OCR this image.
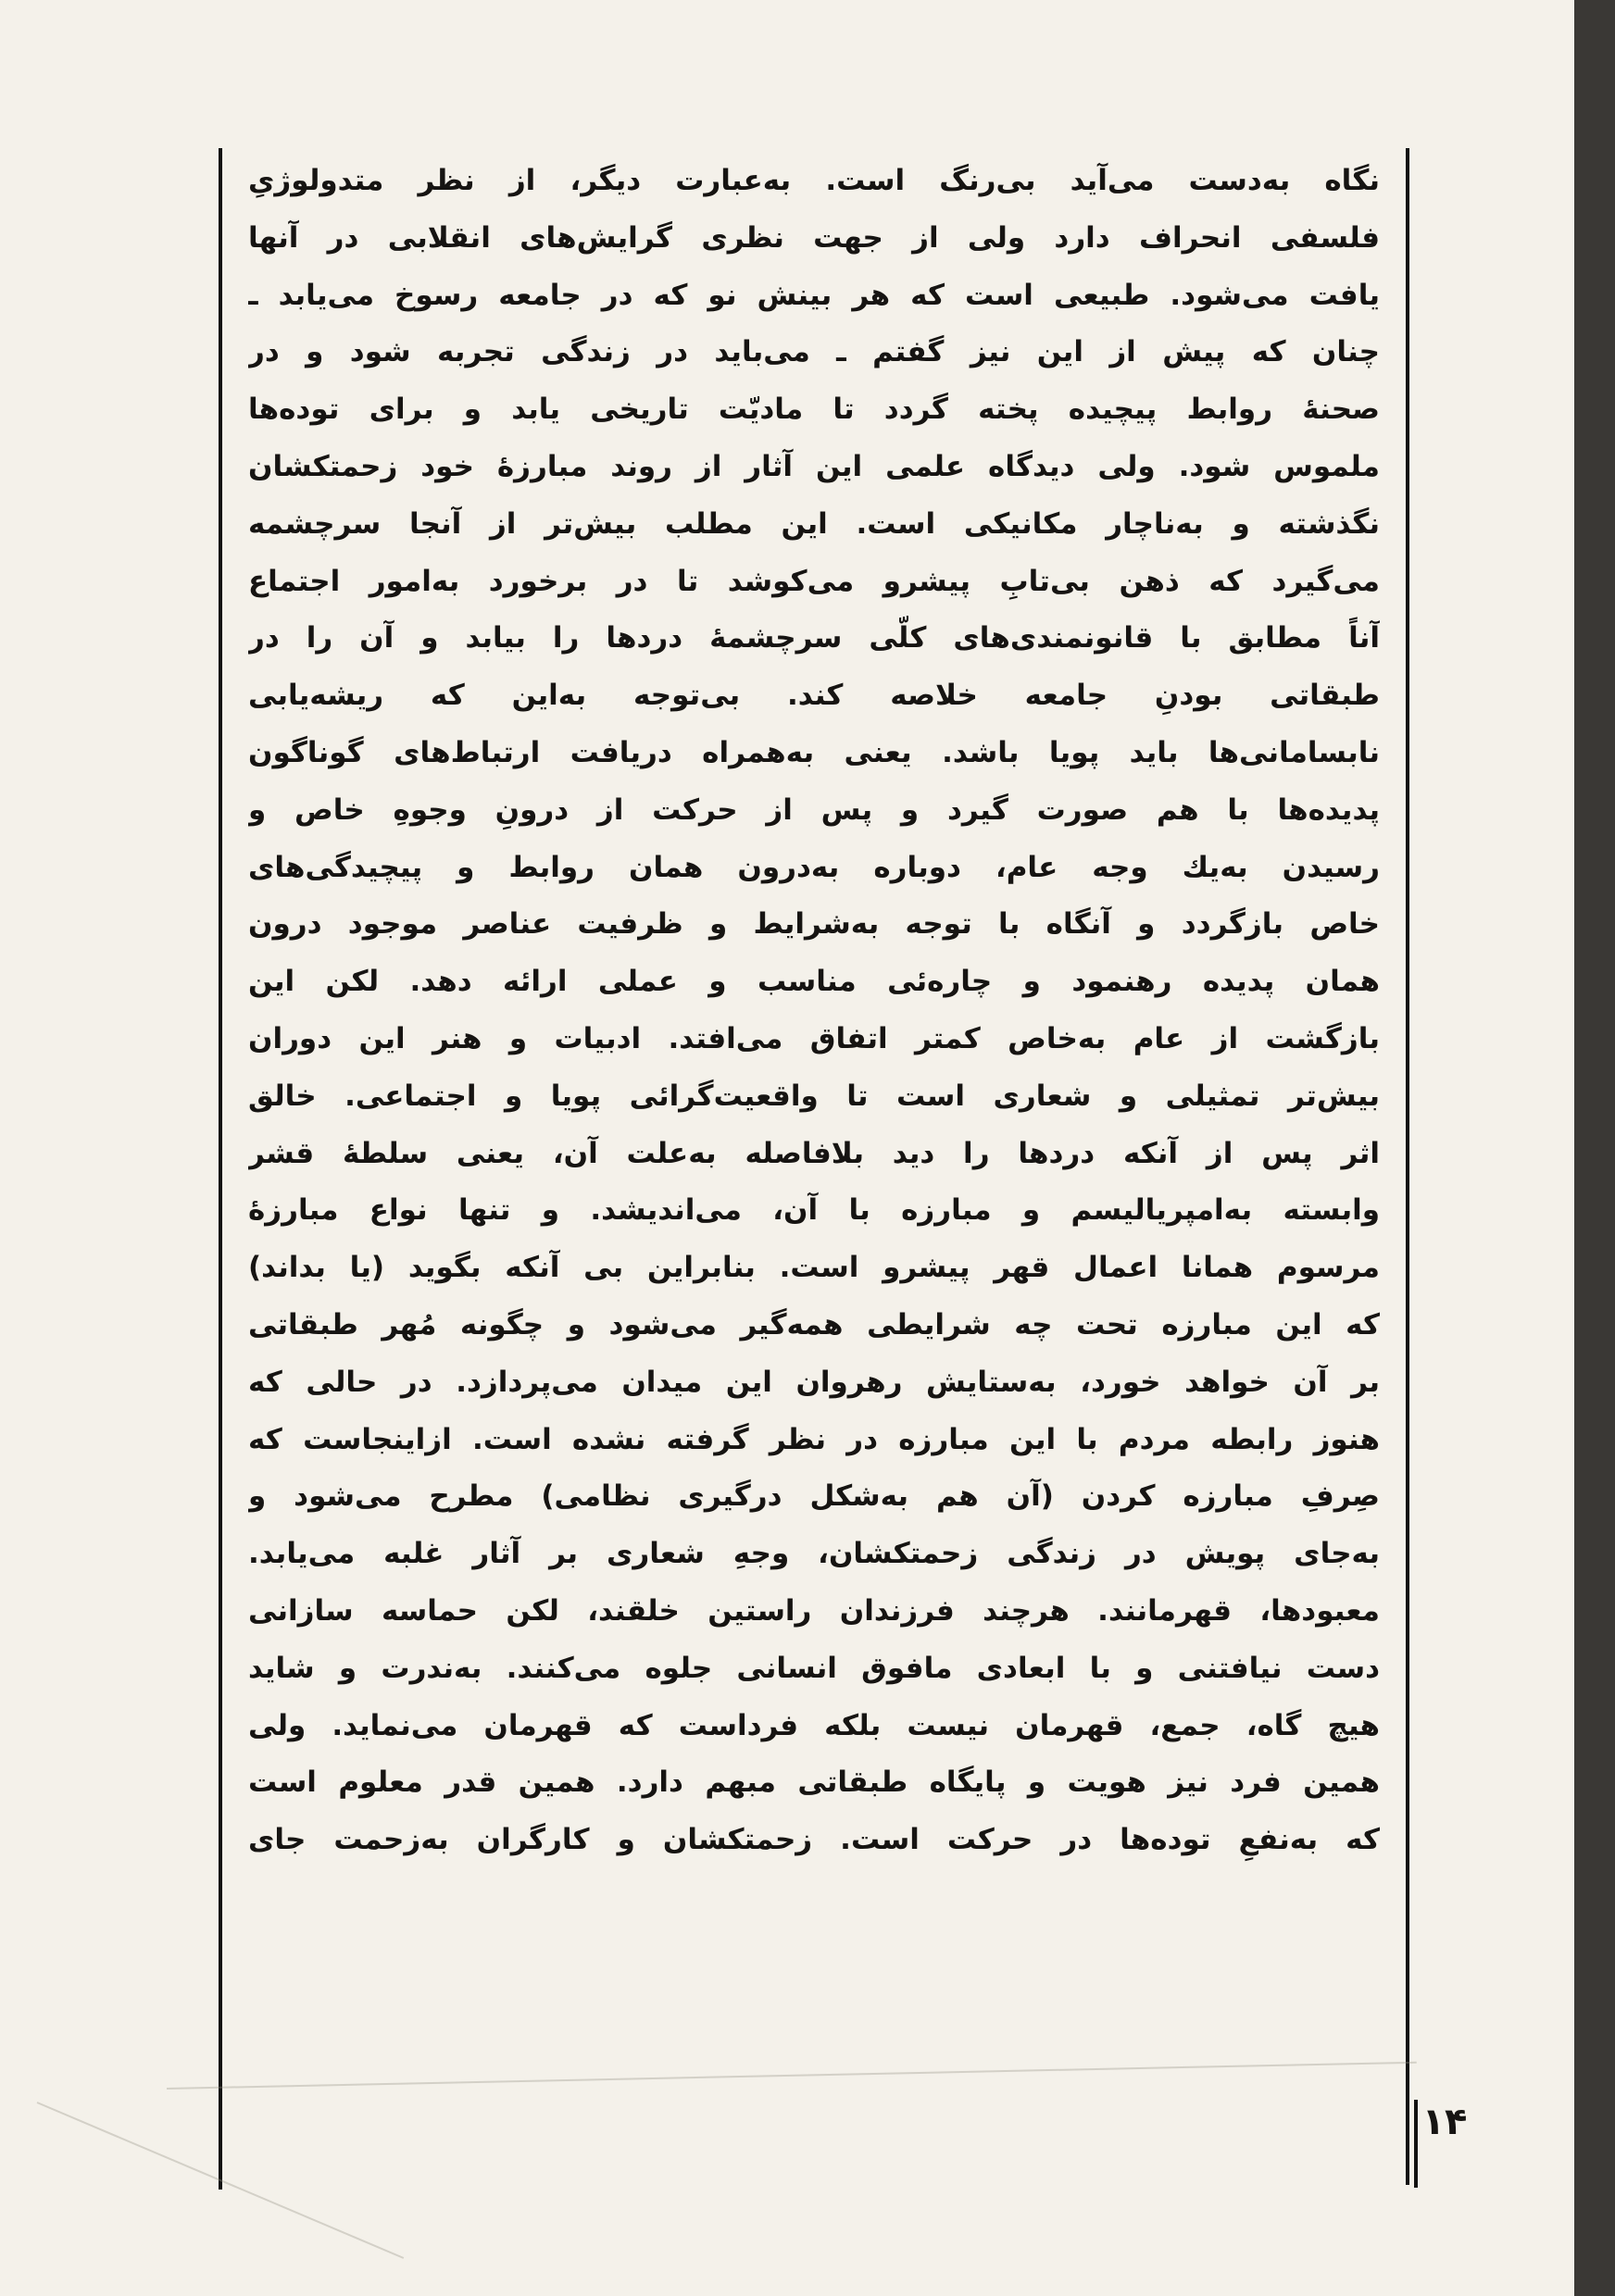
نگاه به‌دست می‌آید بی‌رنگ است. به‌عبارت دیگر، از نظر متدولوژیِ
فلسفی انحراف دارد ولی از جهت نظری گرایش‌های انقلابی در آنها
یافت می‌شود. طبیعی است که هر بینش نو که در جامعه رسوخ می‌یابد ـ
چنان که پیش از این نیز گفتم ـ می‌باید در زندگی تجربه شود و در
صحنهٔ روابط پیچیده پخته گردد تا مادیّت تاریخی یابد و برای توده‌ها
ملموس شود. ولی دیدگاه علمی این آثار از روند مبارزهٔ خود زحمتکشان
نگذشته و به‌ناچار مکانیکی است. این مطلب بیش‌تر از آنجا سرچشمه
می‌گیرد که ذهن بی‌تابِ پیشرو می‌کوشد تا در برخورد به‌امور اجتماع
آناً مطابق با قانونمندی‌های کلّی سرچشمهٔ دردها را بیابد و آن را در
طبقاتی بودنِ جامعه خلاصه کند. بی‌توجه به‌این که ریشه‌یابی
نابسامانی‌ها باید پویا باشد. یعنی به‌همراه دریافت ارتباط‌های گوناگون
پدیده‌ها با هم صورت گیرد و پس از حرکت از درونِ وجوهِ خاص و
رسیدن به‌یك وجه عام، دوباره به‌درون همان روابط و پیچیدگی‌های
خاص بازگردد و آنگاه با توجه به‌شرایط و ظرفیت عناصر موجود درون
همان پدیده رهنمود و چاره‌ئی مناسب و عملی ارائه دهد. لکن این
بازگشت از عام به‌خاص کمتر اتفاق می‌افتد. ادبیات و هنر این دوران
بیش‌تر تمثیلی و شعاری است تا واقعیت‌گرائی پویا و اجتماعی. خالق
اثر پس از آنکه دردها را دید بلافاصله به‌علت آن، یعنی سلطهٔ قشر
وابسته به‌امپریالیسم و مبارزه با آن، می‌اندیشد. و تنها نواع مبارزهٔ
مرسوم همانا اعمال قهر پیشرو است. بنابراین بی آنکه بگوید (یا بداند)
که این مبارزه تحت چه شرایطی همه‌گیر می‌شود و چگونه مُهر طبقاتی
بر آن خواهد خورد، به‌ستایش رهروان این میدان می‌پردازد. در حالی که
هنوز رابطه مردم با این مبارزه در نظر گرفته نشده است. ازاینجاست که
صِرفِ مبارزه کردن (آن هم به‌شکل درگیری نظامی) مطرح می‌شود و
به‌جای پویش در زندگی زحمتکشان، وجهِ شعاری بر آثار غلبه می‌یابد.
معبودها، قهرمانند. هرچند فرزندان راستین خلقند، لکن حماسه سازانی
دست نیافتنی و با ابعادی مافوق انسانی جلوه می‌کنند. به‌ندرت و شاید
هیچ گاه، جمع، قهرمان نیست بلکه فرداست که قهرمان می‌نماید. ولی
همین فرد نیز هویت و پایگاه طبقاتی مبهم دارد. همین قدر معلوم است
که به‌نفعِ توده‌ها در حرکت است. زحمتکشان و کارگران به‌زحمت جای
۱۴
